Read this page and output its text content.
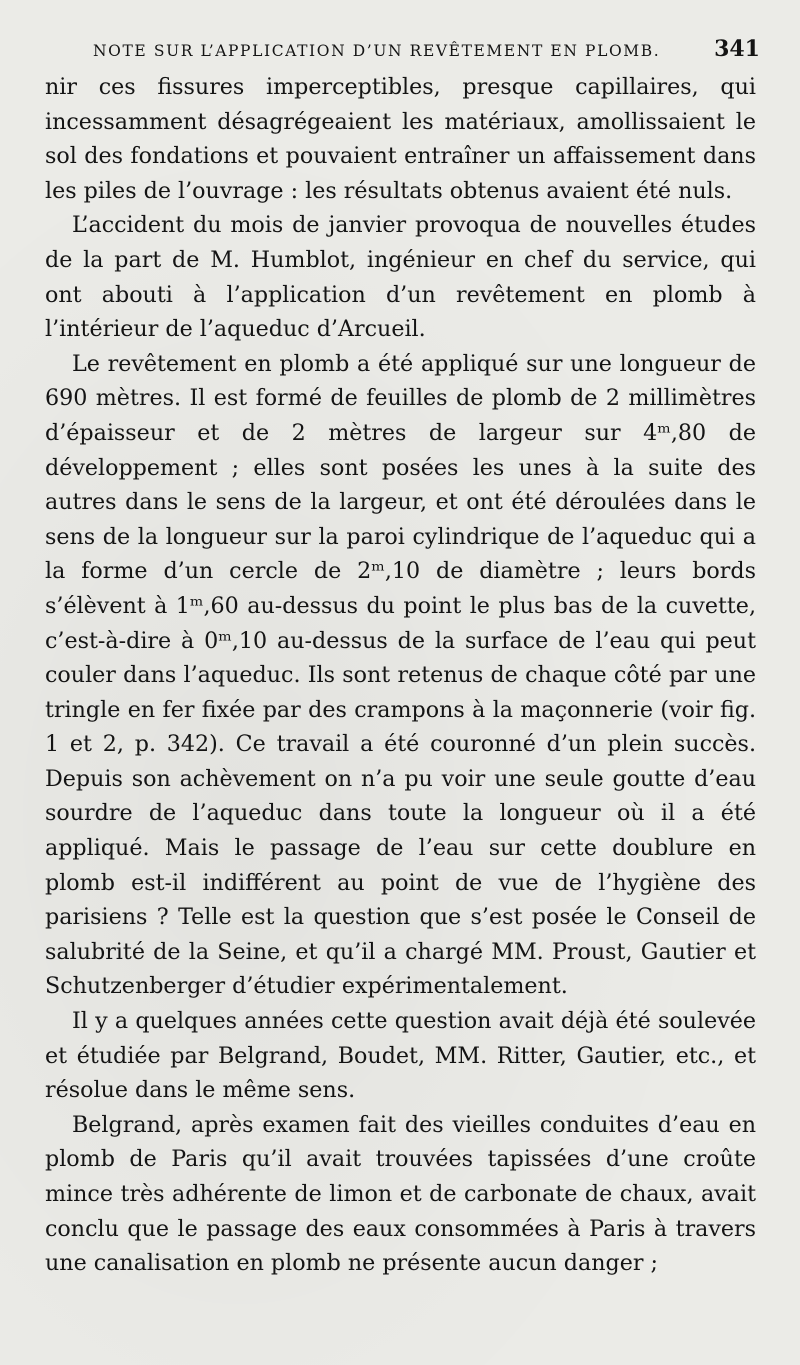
NOTE SUR L’APPLICATION D’UN REVÊTEMENT EN PLOMB. 341

nir ces fissures imperceptibles, presque capillaires, qui incessamment désagrégeaient les matériaux, amollissaient le sol des fondations et pouvaient entraîner un affaissement dans les piles de l’ouvrage : les résultats obtenus avaient été nuls.

L’accident du mois de janvier provoqua de nouvelles études de la part de M. Humblot, ingénieur en chef du service, qui ont abouti à l’application d’un revêtement en plomb à l’intérieur de l’aqueduc d’Arcueil.

Le revêtement en plomb a été appliqué sur une longueur de 690 mètres. Il est formé de feuilles de plomb de 2 millimètres d’épaisseur et de 2 mètres de largeur sur 4ᵐ,80 de développement ; elles sont posées les unes à la suite des autres dans le sens de la largeur, et ont été déroulées dans le sens de la longueur sur la paroi cylindrique de l’aqueduc qui a la forme d’un cercle de 2ᵐ,10 de diamètre ; leurs bords s’élèvent à 1ᵐ,60 au-dessus du point le plus bas de la cuvette, c’est-à-dire à 0ᵐ,10 au-dessus de la surface de l’eau qui peut couler dans l’aqueduc. Ils sont retenus de chaque côté par une tringle en fer fixée par des crampons à la maçonnerie (voir fig. 1 et 2, p. 342). Ce travail a été couronné d’un plein succès. Depuis son achèvement on n’a pu voir une seule goutte d’eau sourdre de l’aqueduc dans toute la longueur où il a été appliqué. Mais le passage de l’eau sur cette doublure en plomb est-il indifférent au point de vue de l’hygiène des parisiens ? Telle est la question que s’est posée le Conseil de salubrité de la Seine, et qu’il a chargé MM. Proust, Gautier et Schutzenberger d’étudier expérimentalement.

Il y a quelques années cette question avait déjà été soulevée et étudiée par Belgrand, Boudet, MM. Ritter, Gautier, etc., et résolue dans le même sens.

Belgrand, après examen fait des vieilles conduites d’eau en plomb de Paris qu’il avait trouvées tapissées d’une croûte mince très adhérente de limon et de carbonate de chaux, avait conclu que le passage des eaux consommées à Paris à travers une canalisation en plomb ne présente aucun danger ;
